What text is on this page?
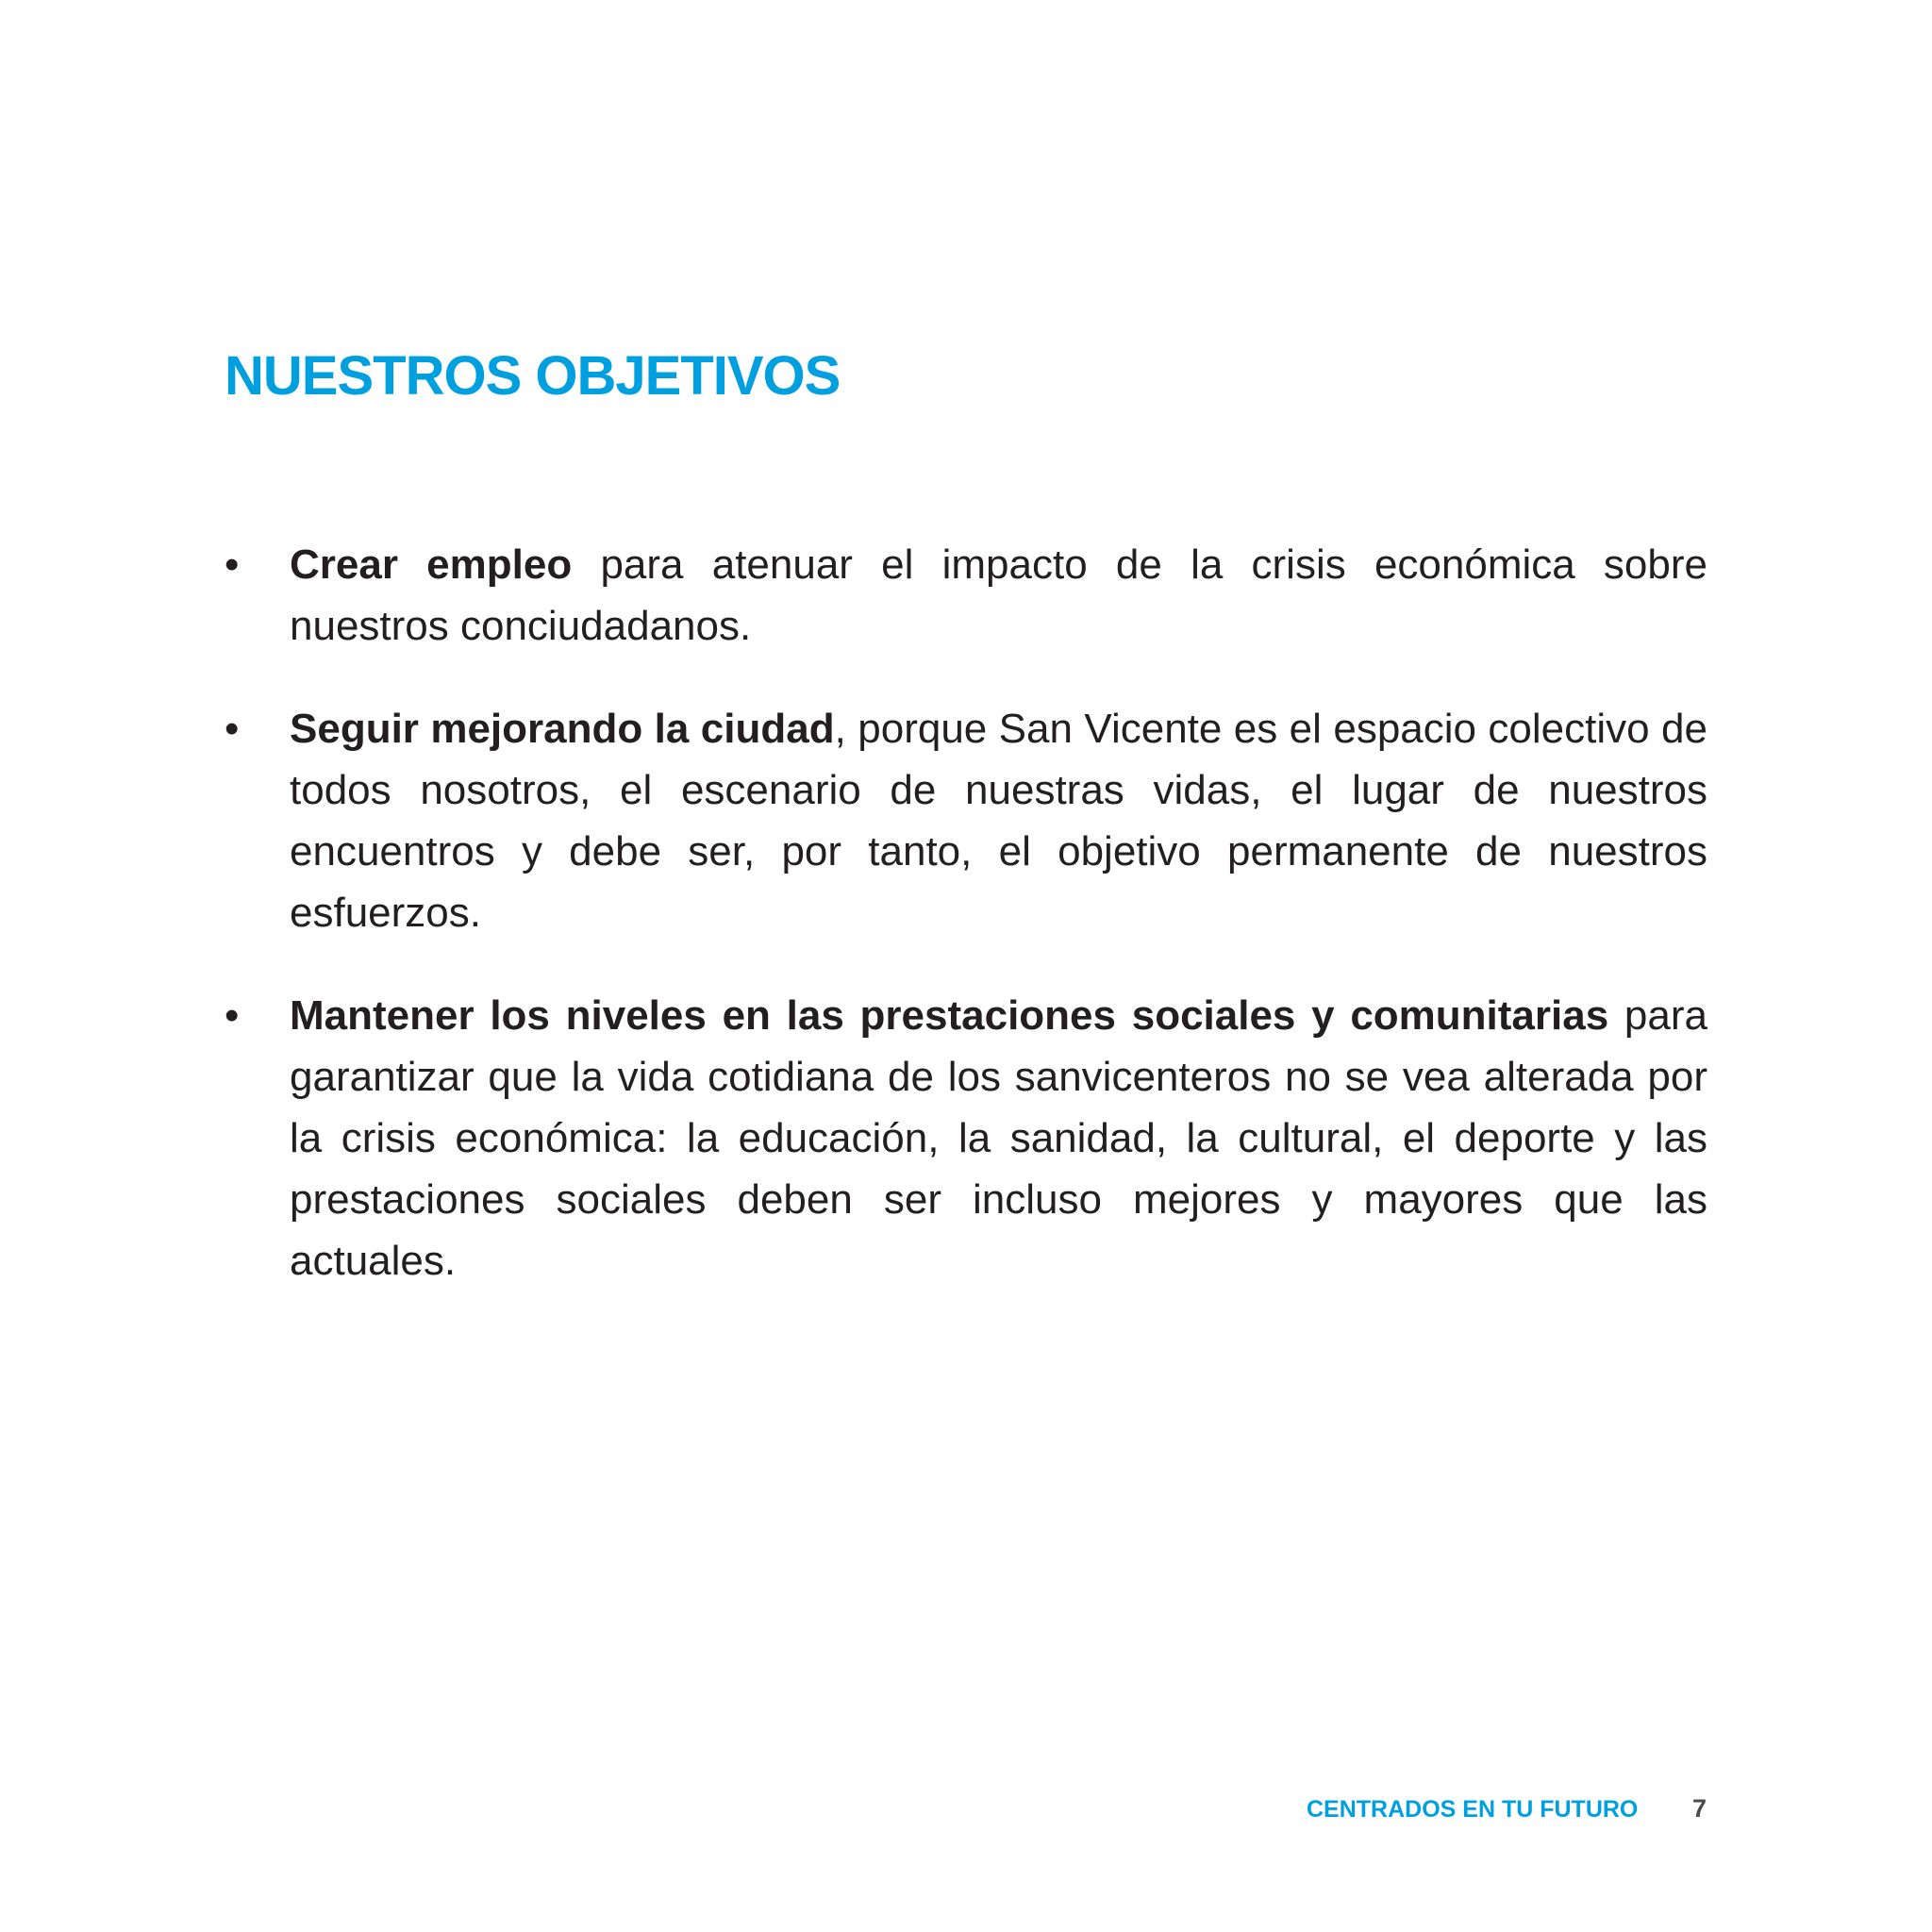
NUESTROS OBJETIVOS
•	Crear empleo para atenuar el impacto de la crisis económica sobre nuestros conciudadanos.
•	Seguir mejorando la ciudad, porque San Vicente es el espacio colectivo de todos nosotros, el escenario de nuestras vidas, el lugar de nuestros encuentros y debe ser, por tanto, el objetivo permanente de nuestros esfuerzos.
•	Mantener los niveles en las prestaciones sociales y comunitarias para garantizar que la vida cotidiana de los sanvicenteros no se vea alterada por la crisis económica: la educación, la sanidad, la cultural, el deporte y las prestaciones sociales deben ser incluso mejores y mayores que las actuales.
CENTRADOS EN TU FUTURO 7
